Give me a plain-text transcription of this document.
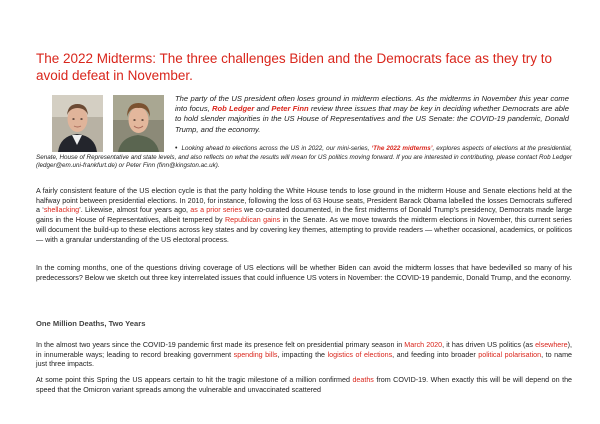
The 2022 Midterms: The three challenges Biden and the Democrats face as they try to avoid defeat in November.
The party of the US president often loses ground in midterm elections. As the midterms in November this year come into focus, Rob Ledger and Peter Finn review three issues that may be key in deciding whether Democrats are able to hold slender majorities in the US House of Representatives and the US Senate: the COVID-19 pandemic, Donald Trump, and the economy.
• Looking ahead to elections across the US in 2022, our mini-series, ‘The 2022 midterms’, explores aspects of elections at the presidential, Senate, House of Representative and state levels, and also reflects on what the results will mean for US politics moving forward. If you are interested in contributing, please contact Rob Ledger (ledger@em.uni-frankfurt.de) or Peter Finn (finn@kingston.ac.uk).
A fairly consistent feature of the US election cycle is that the party holding the White House tends to lose ground in the midterm House and Senate elections held at the halfway point between presidential elections. In 2010, for instance, following the loss of 63 House seats, President Barack Obama labelled the losses Democrats suffered a ‘shellacking’. Likewise, almost four years ago, as a prior series we co-curated documented, in the first midterms of Donald Trump’s presidency, Democrats made large gains in the House of Representatives, albeit tempered by Republican gains in the Senate. As we move towards the midterm elections in November, this current series will document the build-up to these elections across key states and by covering key themes, attempting to provide readers — whether occasional, academics, or politicos — with a granular understanding of the US electoral process.
In the coming months, one of the questions driving coverage of US elections will be whether Biden can avoid the midterm losses that have bedevilled so many of his predecessors? Below we sketch out three key interrelated issues that could influence US voters in November: the COVID-19 pandemic, Donald Trump, and the economy.
One Million Deaths, Two Years
In the almost two years since the COVID-19 pandemic first made its presence felt on presidential primary season in March 2020, it has driven US politics (as elsewhere), in innumerable ways; leading to record breaking government spending bills, impacting the logistics of elections, and feeding into broader political polarisation, to name just three impacts.
At some point this Spring the US appears certain to hit the tragic milestone of a million confirmed deaths from COVID-19. When exactly this will be will depend on the speed that the Omicron variant spreads among the vulnerable and unvaccinated scattered
